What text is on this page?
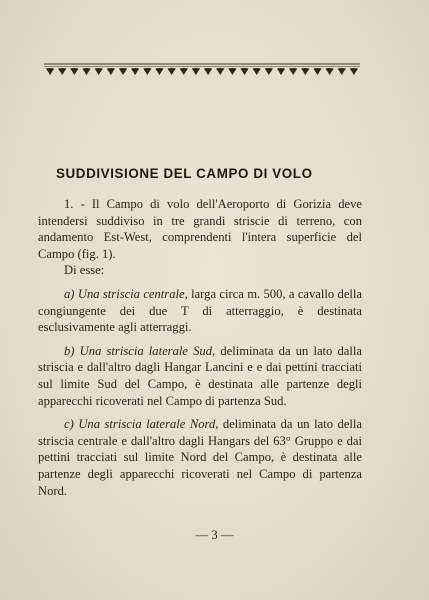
SUDDIVISIONE DEL CAMPO DI VOLO

1. - Il Campo di volo dell'Aeroporto di Gorizia deve intendersi suddiviso in tre grandi striscie di terreno, con andamento Est-West, comprendenti l'intera superficie del Campo (fig. 1).

Di esse:

a) Una striscia centrale, larga circa m. 500, a cavallo della congiungente dei due T di atterraggio, è destinata esclusivamente agli atterraggi.

b) Una striscia laterale Sud, deliminata da un lato dalla striscia e dall'altro dagli Hangar Lancini e e dai pettini tracciati sul limite Sud del Campo, è destinata alle partenze degli apparecchi ricoverati nel Campo di partenza Sud.

c) Una striscia laterale Nord, deliminata da un lato della striscia centrale e dall'altro dagli Hangars del 63° Gruppo e dai pettini tracciati sul limite Nord del Campo, è destinata alle partenze degli apparecchi ricoverati nel Campo di partenza Nord.

— 3 —
